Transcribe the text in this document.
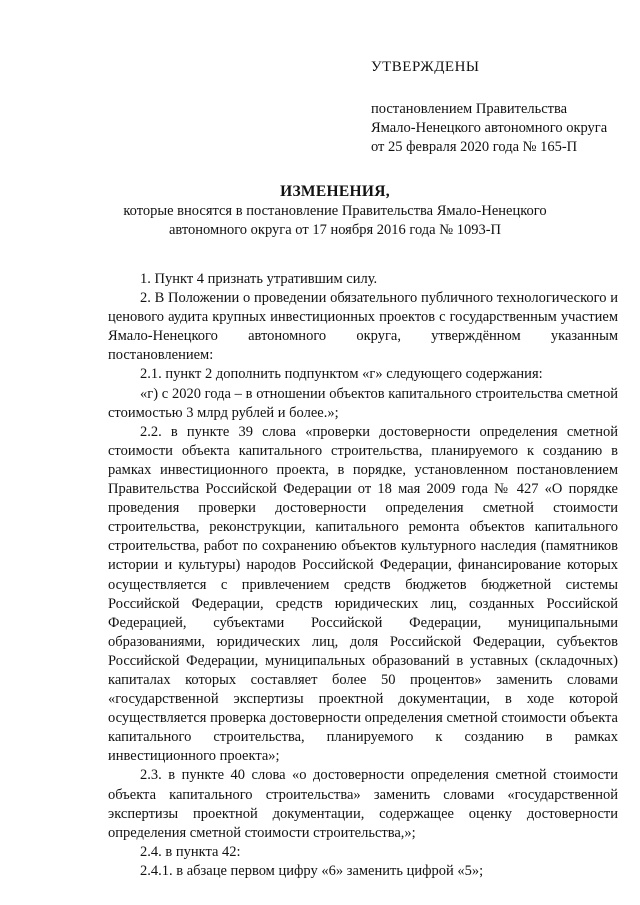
УТВЕРЖДЕНЫ
постановлением Правительства
Ямало-Ненецкого автономного округа
от 25 февраля 2020 года № 165-П
ИЗМЕНЕНИЯ,
которые вносятся в постановление Правительства Ямало-Ненецкого
автономного округа от 17 ноября 2016 года № 1093-П

1. Пункт 4 признать утратившим силу.

2. В Положении о проведении обязательного публичного технологического и ценового аудита крупных инвестиционных проектов с государственным участием Ямало-Ненецкого автономного округа, утверждённом указанным постановлением:

2.1. пункт 2 дополнить подпунктом «г» следующего содержания:

«г) с 2020 года – в отношении объектов капитального строительства сметной стоимостью 3 млрд рублей и более.»;

2.2. в пункте 39 слова «проверки достоверности определения сметной стоимости объекта капитального строительства, планируемого к созданию в рамках инвестиционного проекта, в порядке, установленном постановлением Правительства Российской Федерации от 18 мая 2009 года № 427 «О порядке проведения проверки достоверности определения сметной стоимости строительства, реконструкции, капитального ремонта объектов капитального строительства, работ по сохранению объектов культурного наследия (памятников истории и культуры) народов Российской Федерации, финансирование которых осуществляется с привлечением средств бюджетов бюджетной системы Российской Федерации, средств юридических лиц, созданных Российской Федерацией, субъектами Российской Федерации, муниципальными образованиями, юридических лиц, доля Российской Федерации, субъектов Российской Федерации, муниципальных образований в уставных (складочных) капиталах которых составляет более 50 процентов» заменить словами «государственной экспертизы проектной документации, в ходе которой осуществляется проверка достоверности определения сметной стоимости объекта капитального строительства, планируемого к созданию в рамках инвестиционного проекта»;

2.3. в пункте 40 слова «о достоверности определения сметной стоимости объекта капитального строительства» заменить словами «государственной экспертизы проектной документации, содержащее оценку достоверности определения сметной стоимости строительства,»;

2.4. в пункта 42:

2.4.1. в абзаце первом цифру «6» заменить цифрой «5»;
